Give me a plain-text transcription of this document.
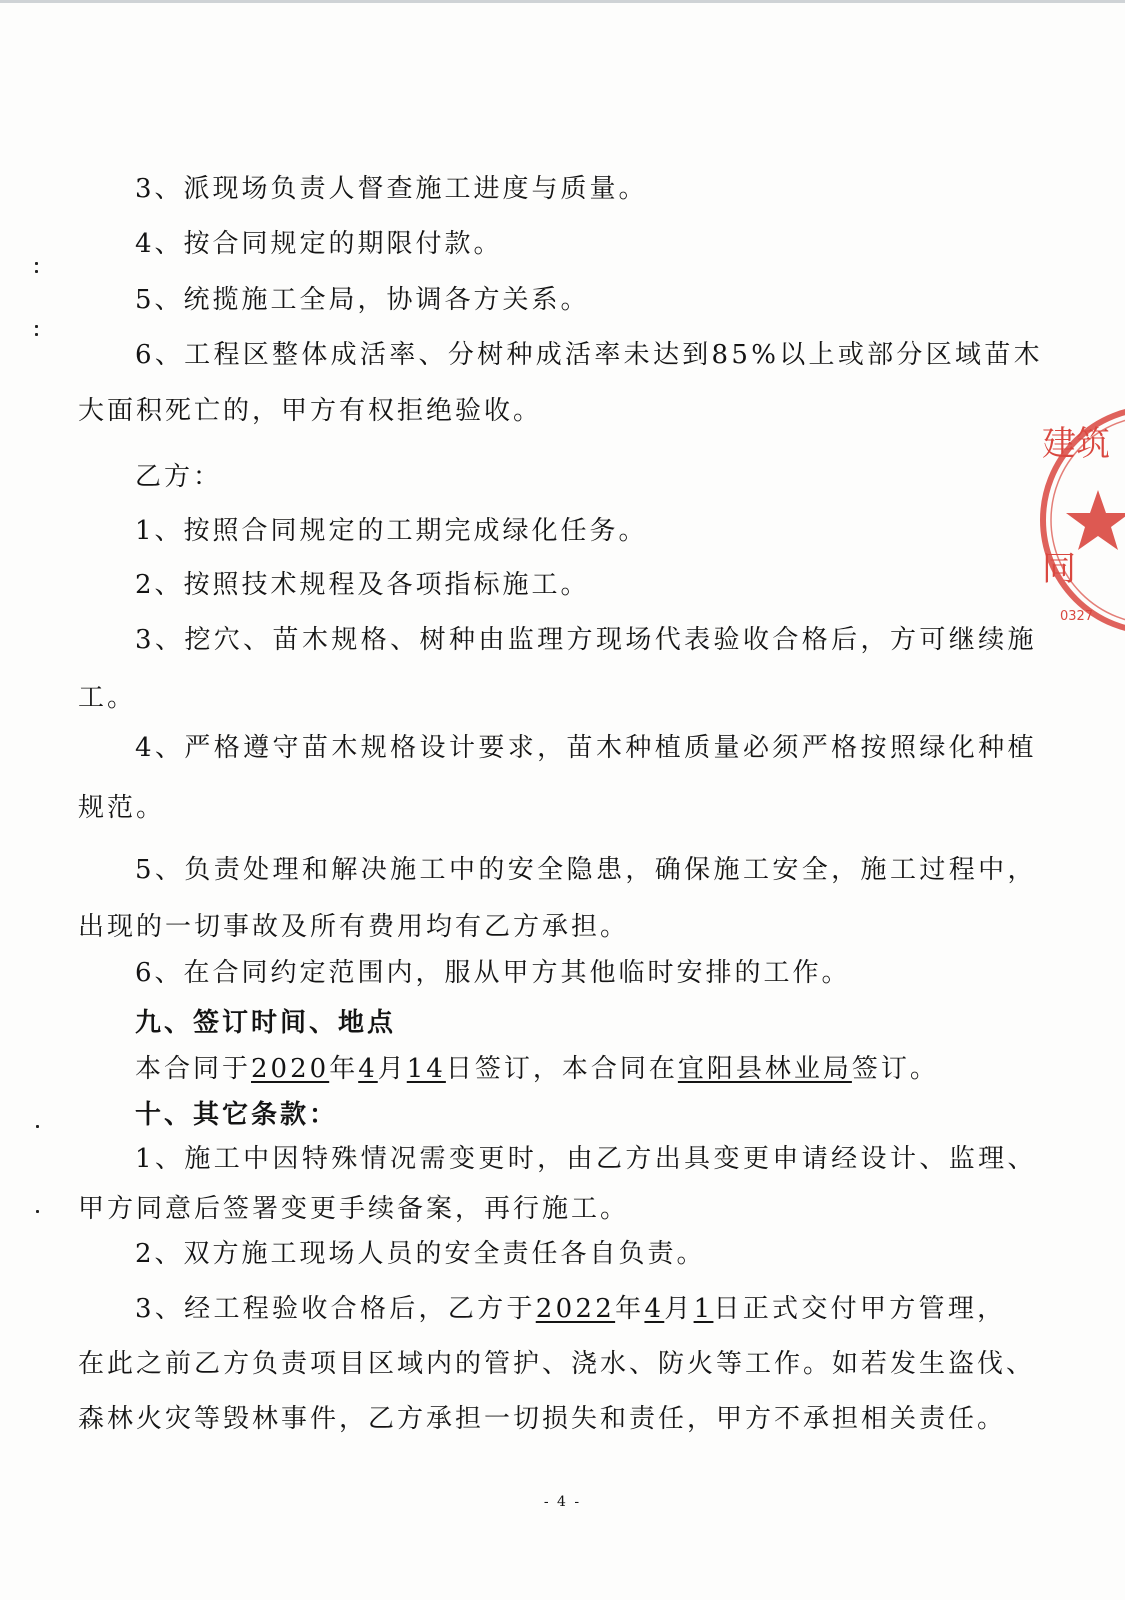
3、派现场负责人督查施工进度与质量。
4、按合同规定的期限付款。
5、统揽施工全局，协调各方关系。
6、工程区整体成活率、分树种成活率未达到85%以上或部分区域苗木
大面积死亡的，甲方有权拒绝验收。
乙方：
1、按照合同规定的工期完成绿化任务。
2、按照技术规程及各项指标施工。
3、挖穴、苗木规格、树种由监理方现场代表验收合格后，方可继续施
工。
4、严格遵守苗木规格设计要求，苗木种植质量必须严格按照绿化种植
规范。
5、负责处理和解决施工中的安全隐患，确保施工安全，施工过程中，
出现的一切事故及所有费用均有乙方承担。
6、在合同约定范围内，服从甲方其他临时安排的工作。
九、签订时间、地点
本合同于2020年4月14日签订，本合同在宜阳县林业局签订。
十、其它条款：
1、施工中因特殊情况需变更时，由乙方出具变更申请经设计、监理、
甲方同意后签署变更手续备案，再行施工。
2、双方施工现场人员的安全责任各自负责。
3、经工程验收合格后，乙方于2022年4月1日正式交付甲方管理，
在此之前乙方负责项目区域内的管护、浇水、防火等工作。如若发生盗伐、
森林火灾等毁林事件，乙方承担一切损失和责任，甲方不承担相关责任。
- 4 -
建筑
同
0327
